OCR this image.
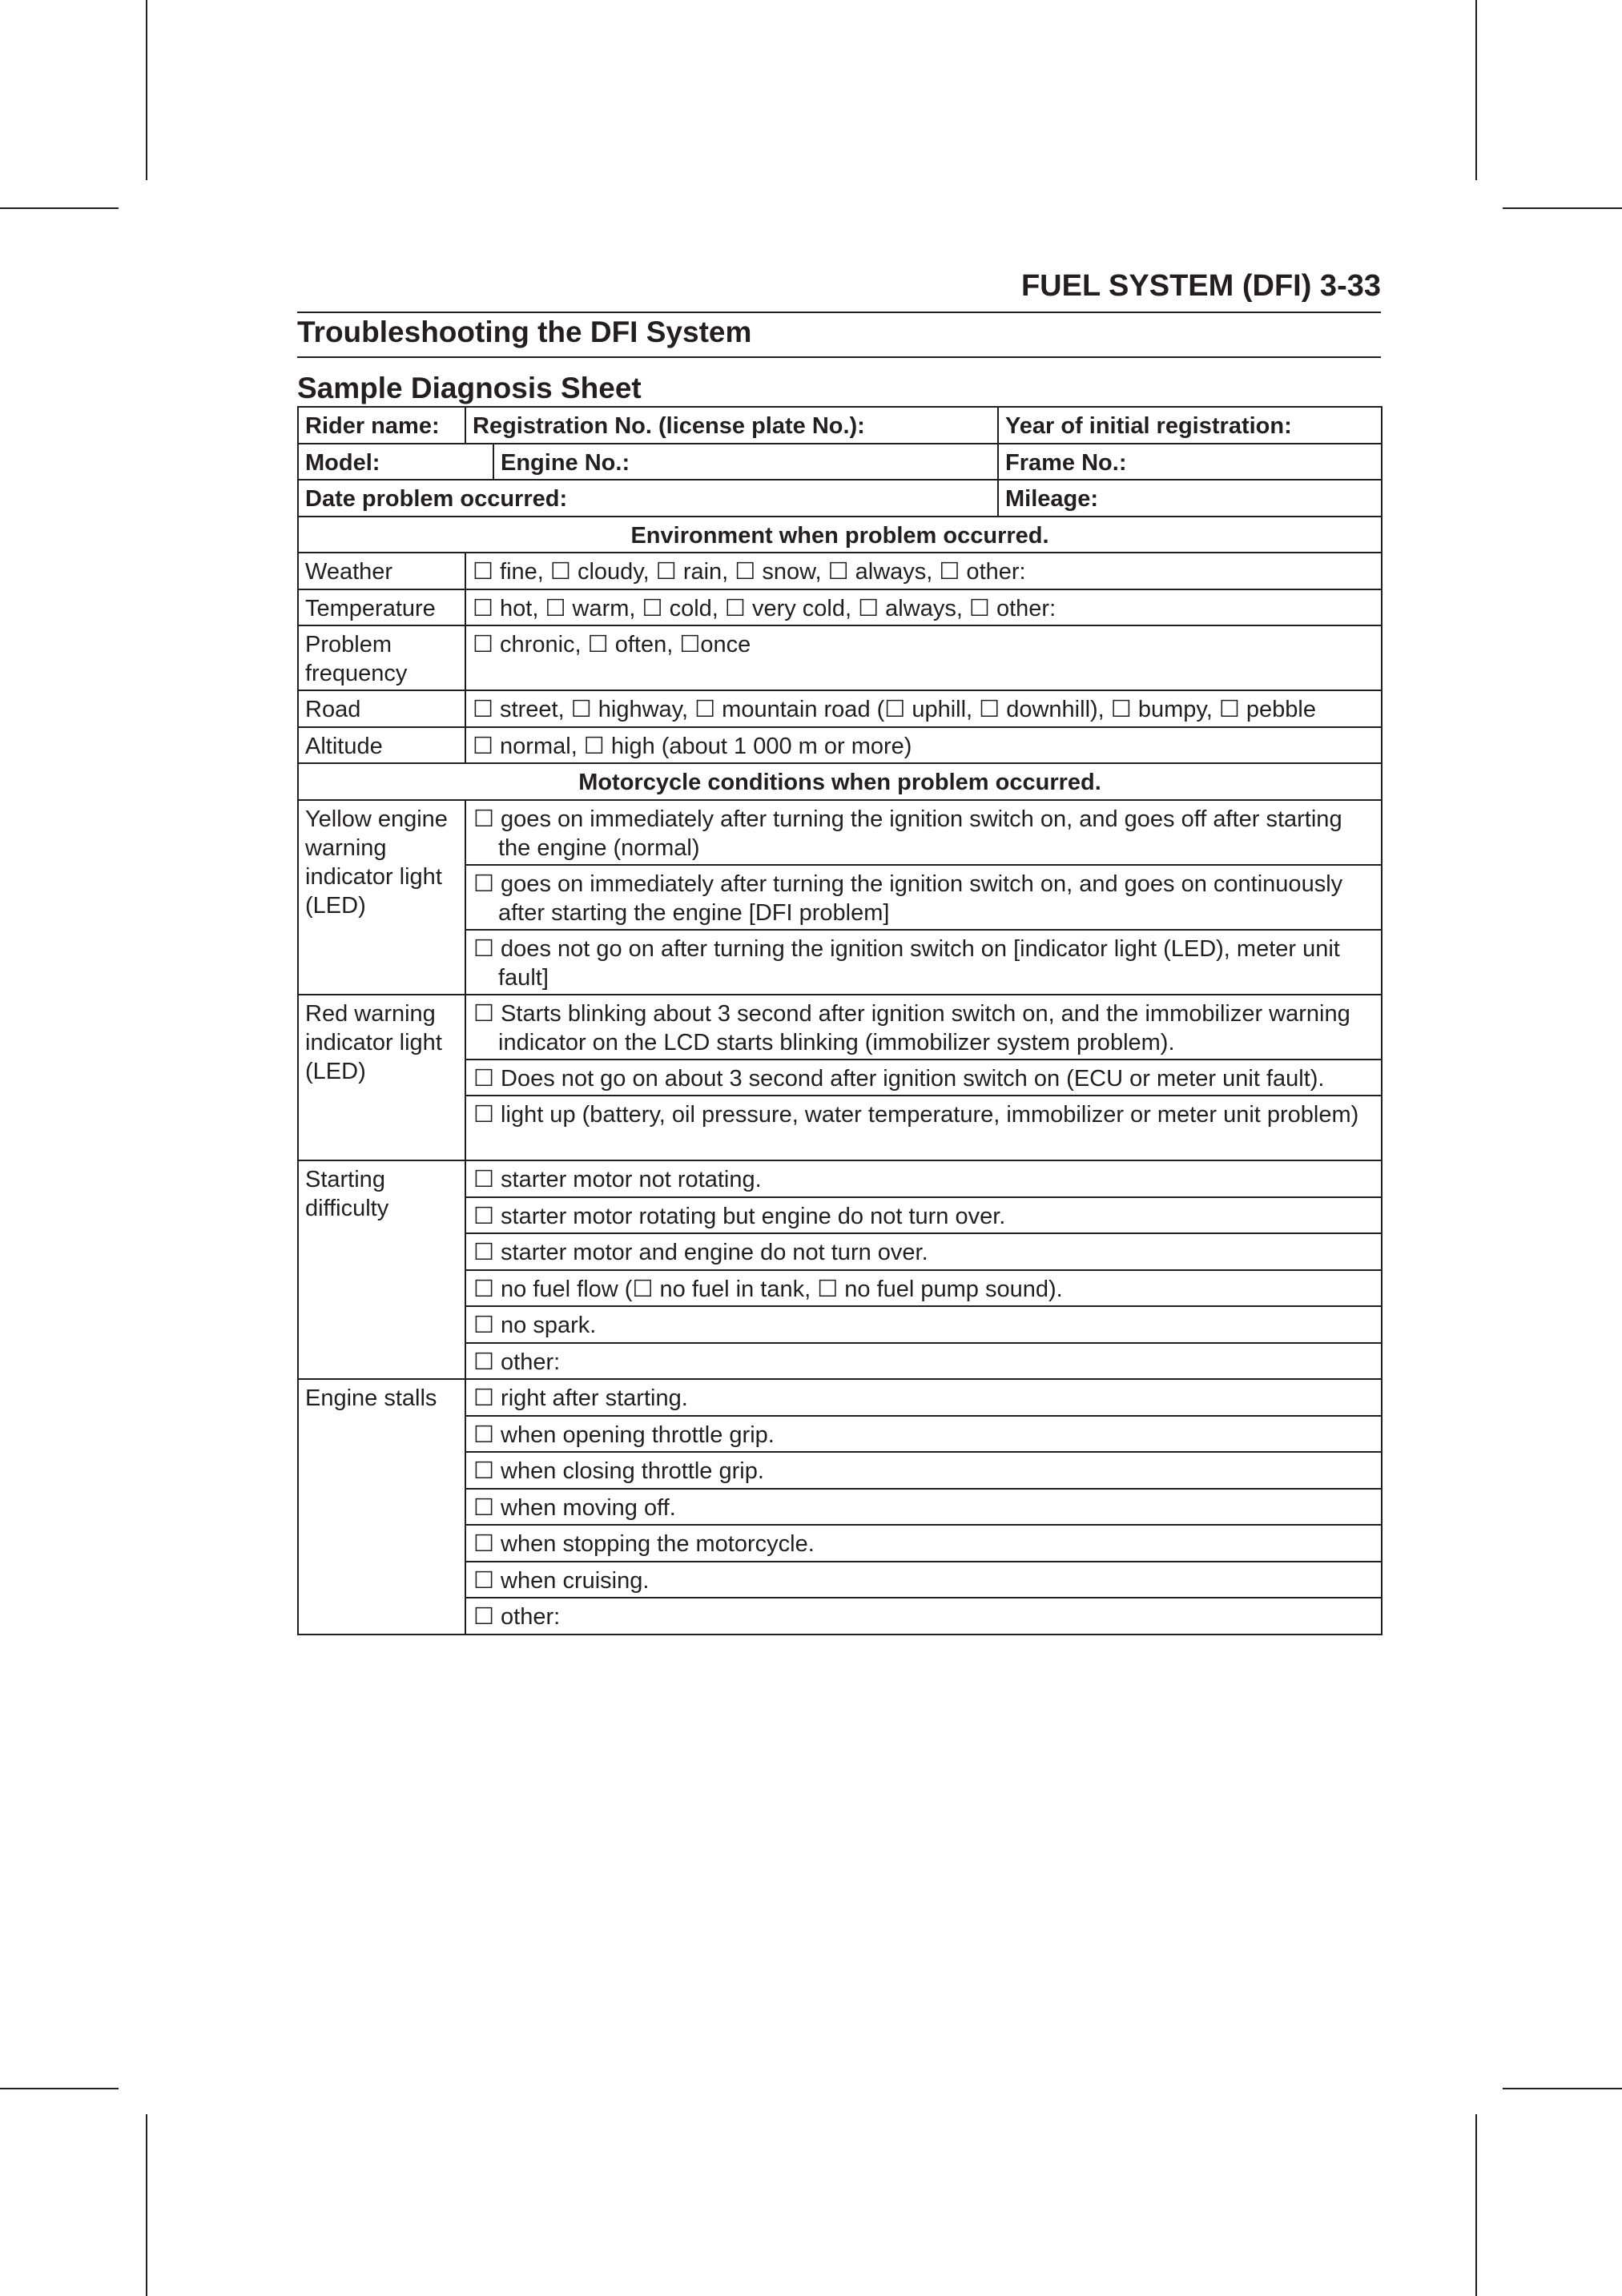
FUEL SYSTEM (DFI) 3-33
Troubleshooting the DFI System
Sample Diagnosis Sheet
Rider name:	Registration No. (license plate No.):		Year of initial registration:
Model:		Engine No.:	Frame No.:
Date problem occurred:			Mileage:
Environment when problem occurred.			
Weather	☐ fine, ☐ cloudy, ☐ rain, ☐ snow, ☐ always, ☐ other:		
Temperature	☐ hot, ☐ warm, ☐ cold, ☐ very cold, ☐ always, ☐ other:		
Problem frequency	☐ chronic, ☐ often, ☐once		
Road	☐ street, ☐ highway, ☐ mountain road (☐ uphill, ☐ downhill), ☐ bumpy, ☐ pebble		
Altitude	☐ normal, ☐ high (about 1 000 m or more)		
Motorcycle conditions when problem occurred.			
Yellow engine warning indicator light (LED)	☐ goes on immediately after turning the ignition switch on, and goes off after starting the engine (normal)		
	☐ goes on immediately after turning the ignition switch on, and goes on continuously after starting the engine [DFI problem]		
	☐ does not go on after turning the ignition switch on [indicator light (LED), meter unit fault]		
Red warning indicator light (LED)	☐ Starts blinking about 3 second after ignition switch on, and the immobilizer warning indicator on the LCD starts blinking (immobilizer system problem).		
	☐ Does not go on about 3 second after ignition switch on (ECU or meter unit fault).		
	☐ light up (battery, oil pressure, water temperature, immobilizer or meter unit problem)		
Starting difficulty	☐ starter motor not rotating.		
	☐ starter motor rotating but engine do not turn over.		
	☐ starter motor and engine do not turn over.		
	☐ no fuel flow (☐ no fuel in tank, ☐ no fuel pump sound).		
	☐ no spark.		
	☐ other:		
Engine stalls	☐ right after starting.		
	☐ when opening throttle grip.		
	☐ when closing throttle grip.		
	☐ when moving off.		
	☐ when stopping the motorcycle.		
	☐ when cruising.		
	☐ other:		
